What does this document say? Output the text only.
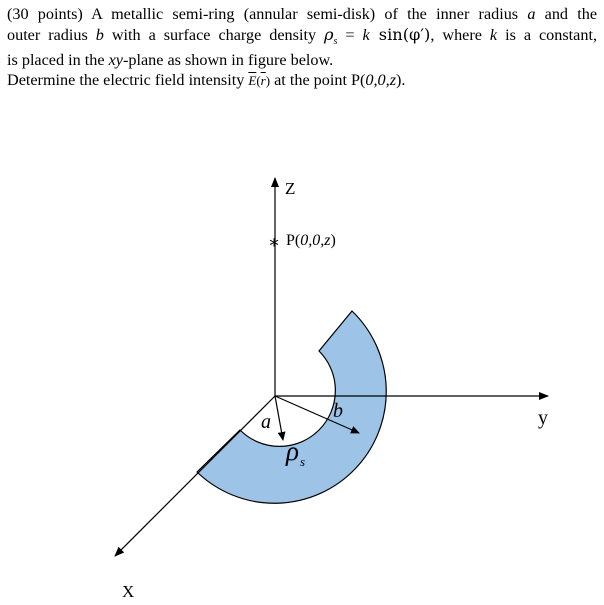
(30 points) A metallic semi-ring (annular semi-disk) of the inner radius a and the
outer radius b with a surface charge density $\rho_s = k$ sin(φ′), where k is a constant,
is placed in the xy-plane as shown in figure below.
Determine the electric field intensity $\overline{E}(\overline{r})$ at the point P(0,0,z).
Z
y
X
∗ P(0,0,z)
a	b
$\rho_s$
